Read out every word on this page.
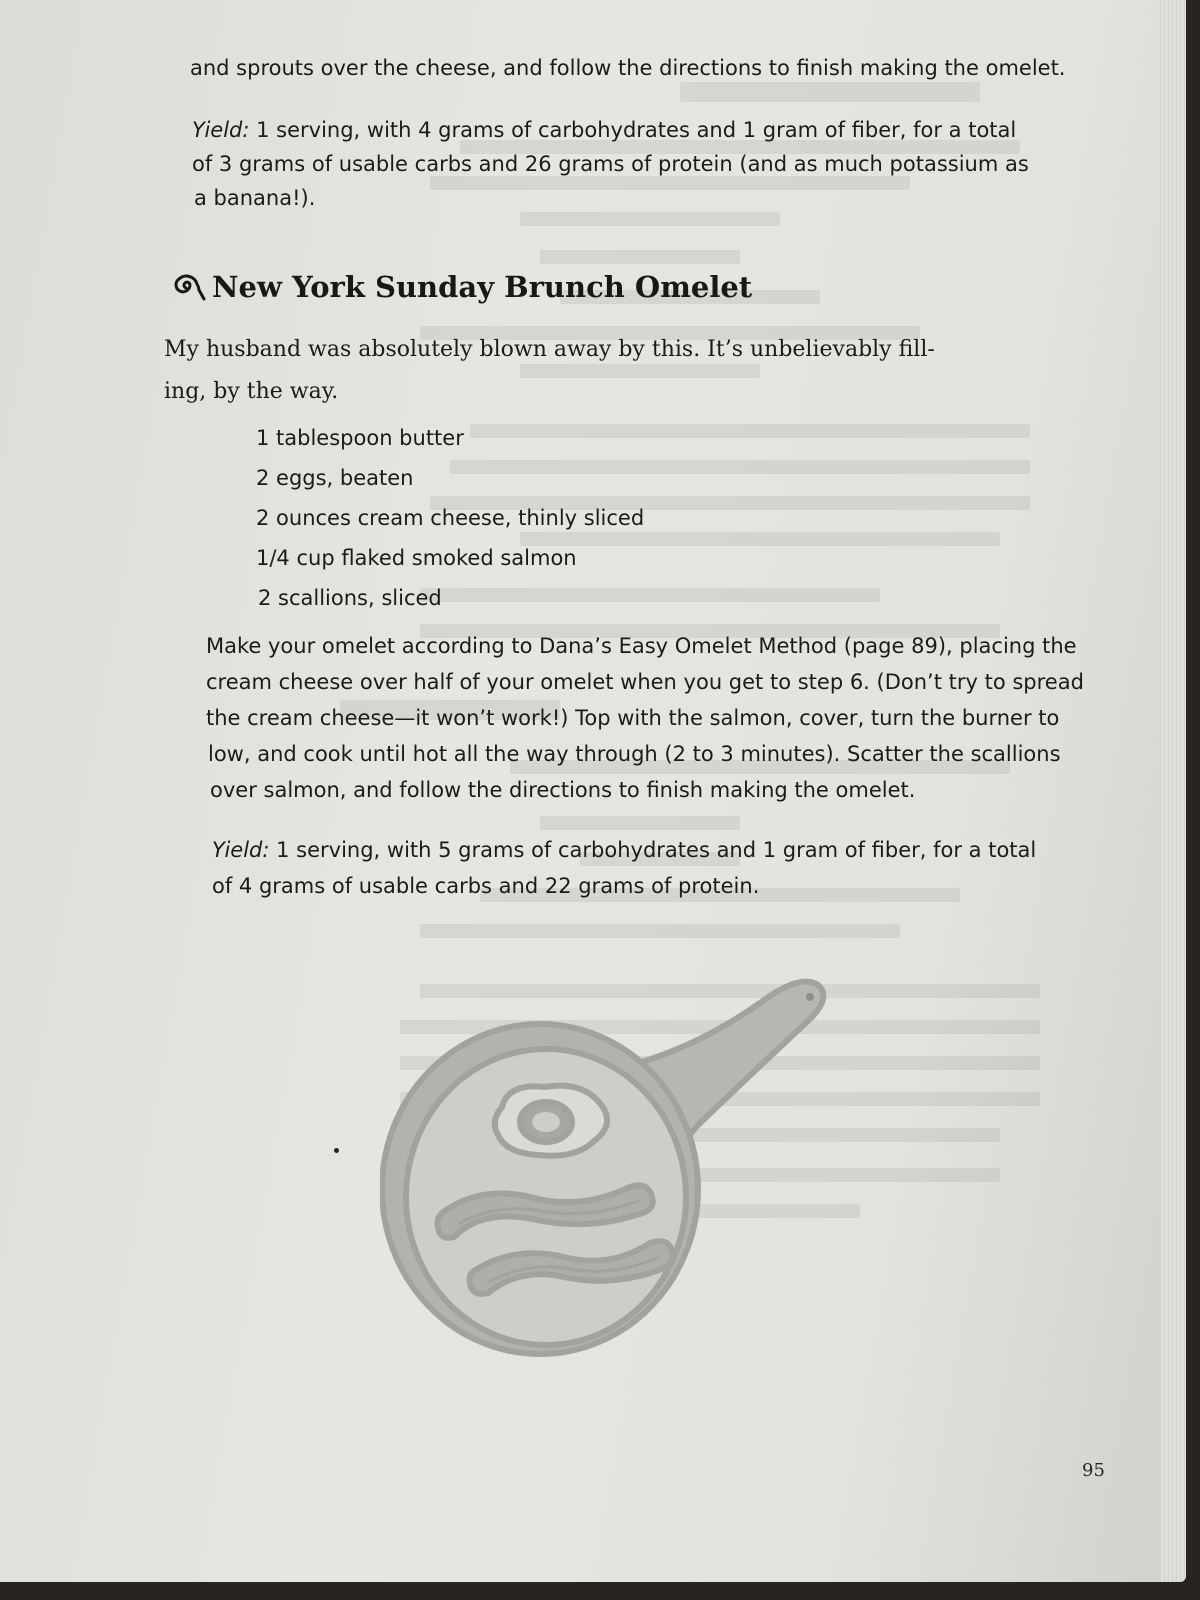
and sprouts over the cheese, and follow the directions to finish making the omelet.
Yield: 1 serving, with 4 grams of carbohydrates and 1 gram of fiber, for a total
of 3 grams of usable carbs and 26 grams of protein (and as much potassium as
a banana!).
New York Sunday Brunch Omelet
My husband was absolutely blown away by this. It’s unbelievably fill-
ing, by the way.
1 tablespoon butter
2 eggs, beaten
2 ounces cream cheese, thinly sliced
1/4 cup flaked smoked salmon
2 scallions, sliced
Make your omelet according to Dana’s Easy Omelet Method (page 89), placing the
cream cheese over half of your omelet when you get to step 6. (Don’t try to spread
the cream cheese—it won’t work!) Top with the salmon, cover, turn the burner to
low, and cook until hot all the way through (2 to 3 minutes). Scatter the scallions
over salmon, and follow the directions to finish making the omelet.
Yield: 1 serving, with 5 grams of carbohydrates and 1 gram of fiber, for a total
of 4 grams of usable carbs and 22 grams of protein.
95
